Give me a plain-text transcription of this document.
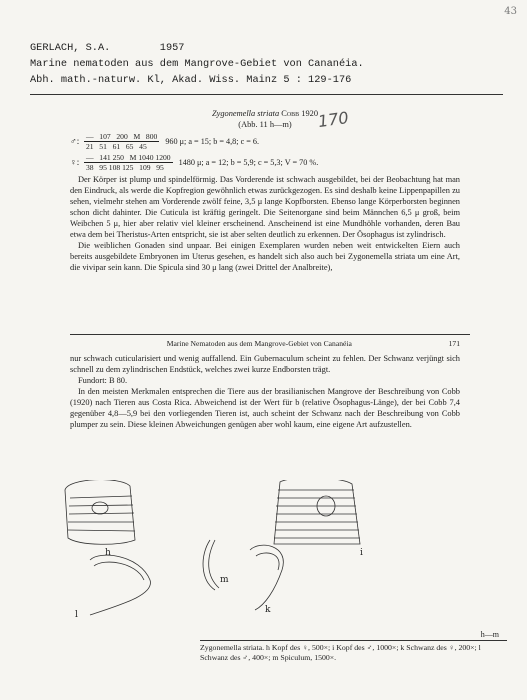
43
GERLACH, S.A.        1957
Marine nematoden aus dem Mangrove-Gebiet von Cananéia.
Abh. math.-naturw. Kl, Akad. Wiss. Mainz 5 : 129-176
170
Zygonemella striata Cobb 1920
(Abb. 11 h—m)
♂: $\frac{— 107 200 M 800}{21 51 61 65 45} 960$ μ; a = 15; b = 4,8; c = 6.
♀: $\frac{— 141 250 M 1040 1200}{38 95 108 125 109 95} 1480$ μ; a = 12; b = 5,9; c = 5,3; V = 70 %.

Der Körper ist plump und spindelförmig. Das Vorderende ist schwach ausgebildet, bei der Beobachtung hat man den Eindruck, als werde die Kopfregion gewöhnlich etwas zurückgezogen. Es sind deshalb keine Lippenpapillen zu sehen, vielmehr stehen am Vorderende zwölf feine, 3,5 μ lange Kopfborsten. Ebenso lange Körperborsten beginnen schon dicht dahinter. Die Cuticula ist kräftig geringelt. Die Seitenorgane sind beim Männchen 6,5 μ groß, beim Weibchen 5 μ, hier aber relativ viel kleiner erscheinend. Anscheinend ist eine Mundhöhle vorhanden, deren Bau etwa dem bei Theristus-Arten entspricht, sie ist aber selten deutlich zu erkennen. Der Ösophagus ist zylindrisch.

Die weiblichen Gonaden sind unpaar. Bei einigen Exemplaren wurden neben weit entwickelten Eiern auch bereits ausgebildete Embryonen im Uterus gesehen, es handelt sich also auch bei Zygonemella striata um eine Art, die vivipar sein kann. Die Spicula sind 30 μ lang (zwei Drittel der Analbreite),

Marine Nematoden aus dem Mangrove-Gebiet von Cananéia	171

nur schwach cuticularisiert und wenig auffallend. Ein Gubernaculum scheint zu fehlen. Der Schwanz verjüngt sich schnell zu dem zylindrischen Endstück, welches zwei kurze Endborsten trägt.

Fundort: B 80.

In den meisten Merkmalen entsprechen die Tiere aus der brasilianischen Mangrove der Beschreibung von Cobb (1920) nach Tieren aus Costa Rica. Abweichend ist der Wert für b (relative Ösophagus-Länge), der bei Cobb 7,4 gegenüber 4,8—5,9 bei den vorliegenden Tieren ist, auch scheint der Schwanz nach der Beschreibung von Cobb plumper zu sein. Diese kleinen Abweichungen genügen aber wohl kaum, eine eigene Art aufzustellen.

h	i
m
l	k
h—m
Zygonemella striata. h Kopf des ♀, 500×; i Kopf des ♂, 1000×; k Schwanz des ♀, 200×; l Schwanz des ♂, 400×; m Spiculum, 1500×.
